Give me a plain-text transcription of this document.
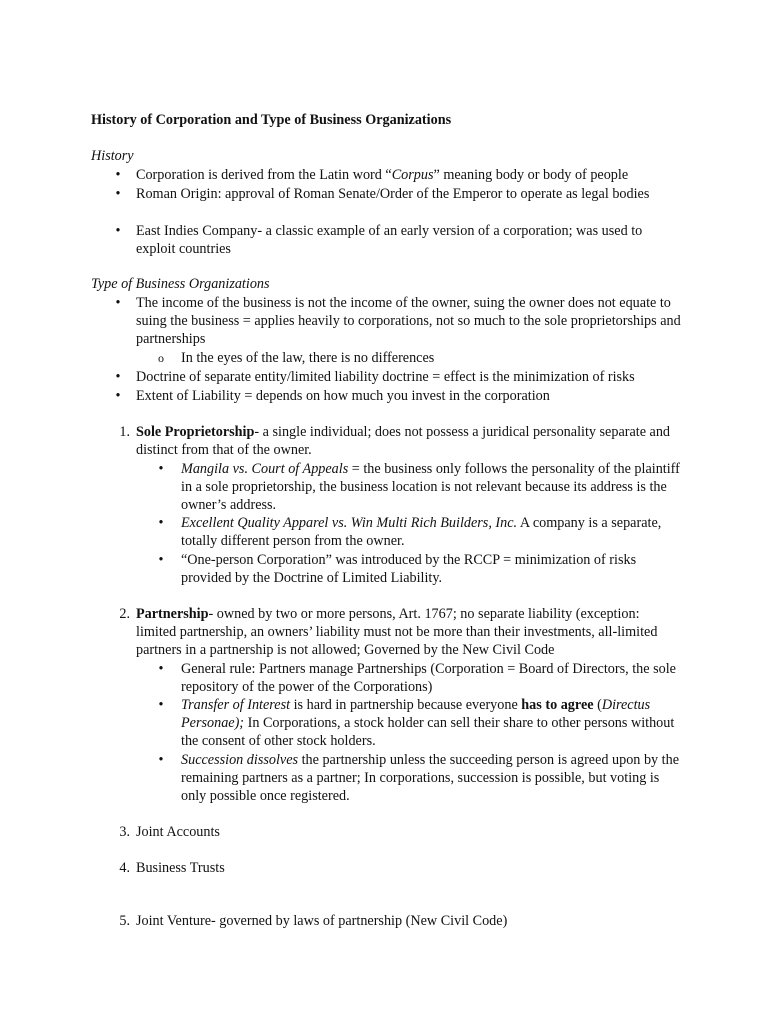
History of Corporation and Type of Business Organizations
History
• Corporation is derived from the Latin word “Corpus” meaning body or body of people
• Roman Origin: approval of Roman Senate/Order of the Emperor to operate as legal bodies
• East Indies Company- a classic example of an early version of a corporation; was used to exploit countries
Type of Business Organizations
• The income of the business is not the income of the owner, suing the owner does not equate to suing the business = applies heavily to corporations, not so much to the sole proprietorships and partnerships
o In the eyes of the law, there is no differences
• Doctrine of separate entity/limited liability doctrine = effect is the minimization of risks
• Extent of Liability = depends on how much you invest in the corporation
1. Sole Proprietorship- a single individual; does not possess a juridical personality separate and distinct from that of the owner.
• Mangila vs. Court of Appeals = the business only follows the personality of the plaintiff in a sole proprietorship, the business location is not relevant because its address is the owner’s address.
• Excellent Quality Apparel vs. Win Multi Rich Builders, Inc. A company is a separate, totally different person from the owner.
• “One-person Corporation” was introduced by the RCCP = minimization of risks provided by the Doctrine of Limited Liability.
2. Partnership- owned by two or more persons, Art. 1767; no separate liability (exception: limited partnership, an owners’ liability must not be more than their investments, all-limited partners in a partnership is not allowed; Governed by the New Civil Code
• General rule: Partners manage Partnerships (Corporation = Board of Directors, the sole repository of the power of the Corporations)
• Transfer of Interest is hard in partnership because everyone has to agree (Directus Personae); In Corporations, a stock holder can sell their share to other persons without the consent of other stock holders.
• Succession dissolves the partnership unless the succeeding person is agreed upon by the remaining partners as a partner; In corporations, succession is possible, but voting is only possible once registered.
3. Joint Accounts
4. Business Trusts
5. Joint Venture- governed by laws of partnership (New Civil Code)
